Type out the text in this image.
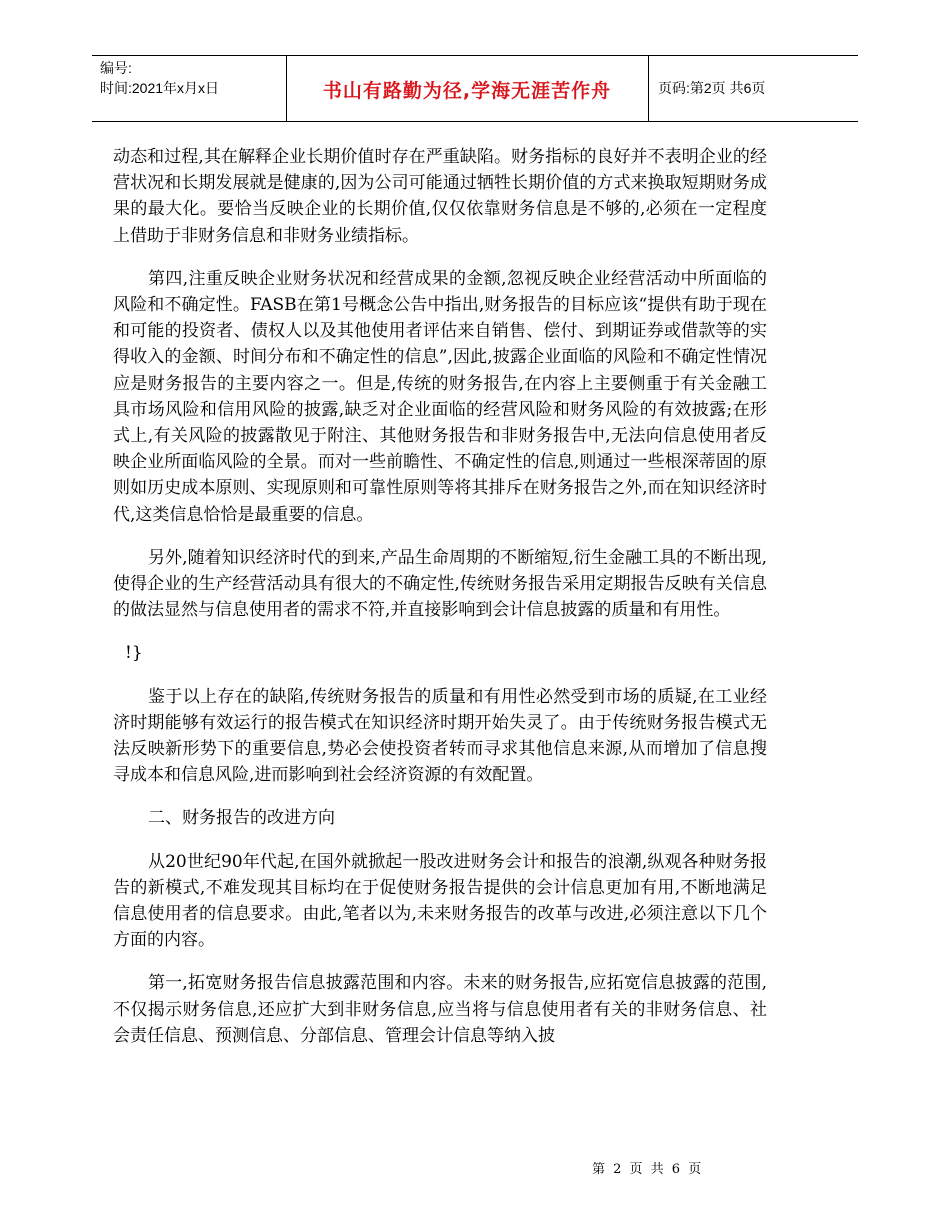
编号:
时间:2021年x月x日	书山有路勤为径,学海无涯苦作舟	页码:第2页 共6页

动态和过程,其在解释企业长期价值时存在严重缺陷。财务指标的良好并不表明企业的经营状况和长期发展就是健康的,因为公司可能通过牺牲长期价值的方式来换取短期财务成果的最大化。要恰当反映企业的长期价值,仅仅依靠财务信息是不够的,必须在一定程度上借助于非财务信息和非财务业绩指标。

第四,注重反映企业财务状况和经营成果的金额,忽视反映企业经营活动中所面临的风险和不确定性。FASB在第1号概念公告中指出,财务报告的目标应该“提供有助于现在和可能的投资者、债权人以及其他使用者评估来自销售、偿付、到期证券或借款等的实得收入的金额、时间分布和不确定性的信息”,因此,披露企业面临的风险和不确定性情况应是财务报告的主要内容之一。但是,传统的财务报告,在内容上主要侧重于有关金融工具市场风险和信用风险的披露,缺乏对企业面临的经营风险和财务风险的有效披露;在形式上,有关风险的披露散见于附注、其他财务报告和非财务报告中,无法向信息使用者反映企业所面临风险的全景。而对一些前瞻性、不确定性的信息,则通过一些根深蒂固的原则如历史成本原则、实现原则和可靠性原则等将其排斥在财务报告之外,而在知识经济时代,这类信息恰恰是最重要的信息。

另外,随着知识经济时代的到来,产品生命周期的不断缩短,衍生金融工具的不断出现,使得企业的生产经营活动具有很大的不确定性,传统财务报告采用定期报告反映有关信息的做法显然与信息使用者的需求不符,并直接影响到会计信息披露的质量和有用性。

!}

鉴于以上存在的缺陷,传统财务报告的质量和有用性必然受到市场的质疑,在工业经济时期能够有效运行的报告模式在知识经济时期开始失灵了。由于传统财务报告模式无法反映新形势下的重要信息,势必会使投资者转而寻求其他信息来源,从而增加了信息搜寻成本和信息风险,进而影响到社会经济资源的有效配置。

二、财务报告的改进方向

从20世纪90年代起,在国外就掀起一股改进财务会计和报告的浪潮,纵观各种财务报告的新模式,不难发现其目标均在于促使财务报告提供的会计信息更加有用,不断地满足信息使用者的信息要求。由此,笔者以为,未来财务报告的改革与改进,必须注意以下几个方面的内容。

第一,拓宽财务报告信息披露范围和内容。未来的财务报告,应拓宽信息披露的范围,不仅揭示财务信息,还应扩大到非财务信息,应当将与信息使用者有关的非财务信息、社会责任信息、预测信息、分部信息、管理会计信息等纳入披

第 2 页 共 6 页
